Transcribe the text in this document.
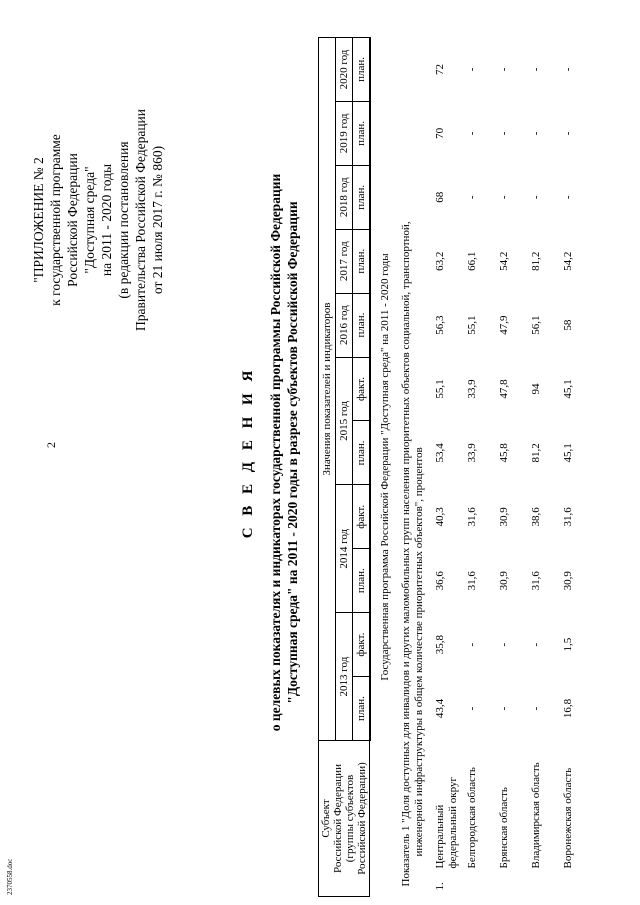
2
2370558.doc
"ПРИЛОЖЕНИЕ № 2 к государственной программе Российской Федерации "Доступная среда" на 2011 - 2020 годы (в редакции постановления Правительства Российской Федерации от 21 июля 2017 г. № 860)
С В Е Д Е Н И Я о целевых показателях и индикаторах государственной программы Российской Федерации "Доступная среда" на 2011 - 2020 годы в разрезе субъектов Российской Федерации
Субъект Российской Федерации (группы субъектов Российской Федерации)		Значения показателей и индикаторов										
		2013 год		2014 год		2015 год		2016 год	2017 год	2018 год	2019 год	2020 год
		план.	факт.	план.	факт.	план.	факт.	план.	план.	план.	план.	план.
Государственная программа Российской Федерации "Доступная среда" на 2011 - 2020 годы												

Показатель 1 "Доля доступных для инвалидов и других маломобильных групп населения приоритетных объектов социальной, транспортной, инженерной инфраструктуры в общем количестве приоритетных объектов", процентов												

1.	Центральный федеральный округ	43,4	35,8	36,6	40,3	53,4	55,1	56,3	63,2	68	70	72

	Белгородская область	-	-	31,6	31,6	33,9	33,9	55,1	66,1	-	-	-

	Брянская область	-	-	30,9	30,9	45,8	47,8	47,9	54,2	-	-	-

	Владимирская область	-	-	31,6	38,6	81,2	94	56,1	81,2	-	-	-

	Воронежская область	16,8	1,5	30,9	31,6	45,1	45,1	58	54,2	-	-	-
